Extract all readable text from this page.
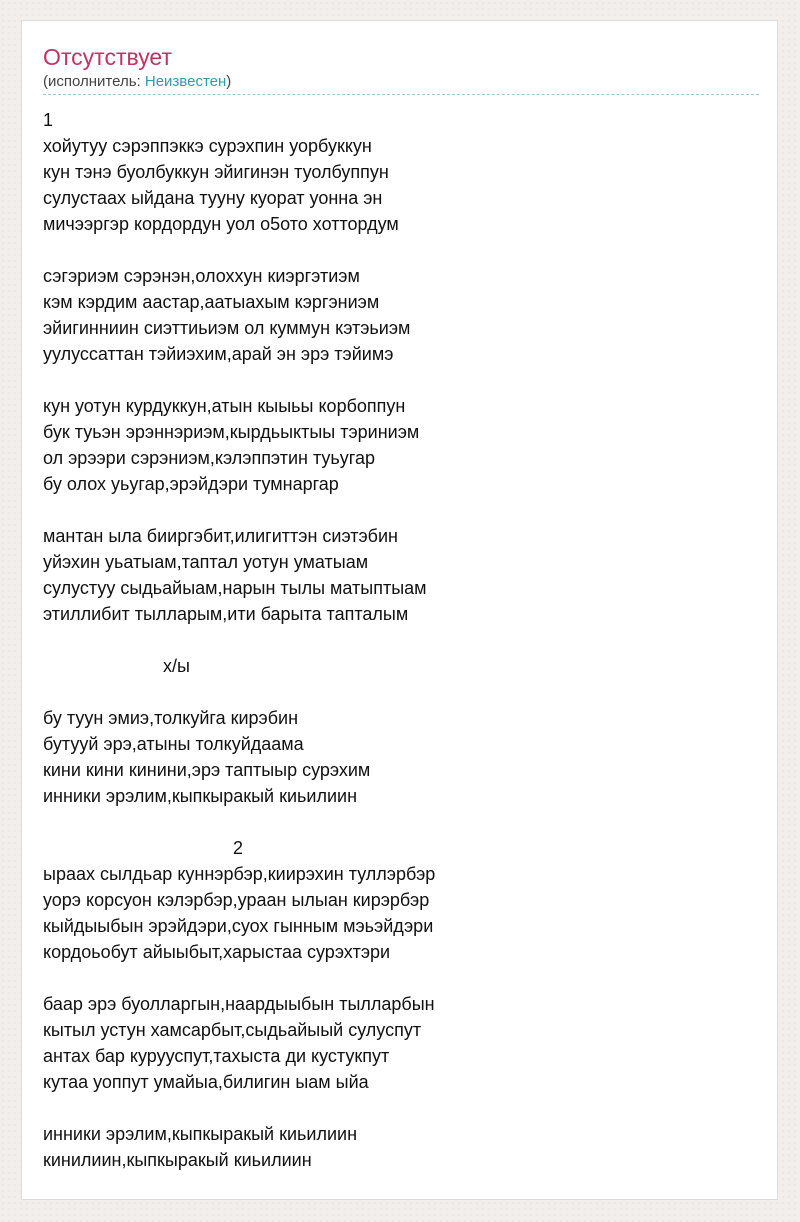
Отсутствует
(исполнитель: Неизвестен)
1
хойутуу сэрэппэккэ сурэхпин уорбуккун
кун тэнэ буолбуккун эйигинэн туолбуппун
сулустаах ыйдана тууну куорат уонна эн
мичээргэр кордордун уол о5ото хоттордум
сэгэриэм сэрэнэн,олоххун киэргэтиэм
кэм кэрдим аастар,аатыахым кэргэниэм
эйигинниин сиэттиьиэм ол куммун кэтэьиэм
уулуссаттан тэйиэхим,арай эн эрэ тэйимэ
кун уотун курдуккун,атын кыыьы корбоппун
бук туьэн эрэннэриэм,кырдьыктыы тэриниэм
ол эрээри сэрэниэм,кэлэппэтин туьугар
бу олох уьугар,эрэйдэри тумнаргар
мантан ыла бииргэбит,илигиттэн сиэтэбин
уйэхин уьатыам,таптал уотун уматыам
сулустуу сыдьайыам,нарын тылы матыптыам
этиллибит тылларым,ити барыта тапталым
х/ы
бу туун эмиэ,толкуйга кирэбин
бутууй эрэ,атыны толкуйдаама
кини кини кинини,эрэ таптыыр сурэхим
инники эрэлим,кыпкыракый киьилиин
2
ыраах сылдьар куннэрбэр,киирэхин туллэрбэр
уорэ корсуон кэлэрбэр,ураан ылыан кирэрбэр
кыйдыыбын эрэйдэри,суох гынным мэьэйдэри
кордоьобут айыыбыт,харыстаа сурэхтэри
баар эрэ буолларгын,наардыыбын тылларбын
кытыл устун хамсарбыт,сыдьайыый сулуспут
антах бар курууспут,тахыста ди кустукпут
кутаа уоппут умайыа,билигин ыам ыйа
инники эрэлим,кыпкыракый киьилиин
кинилиин,кыпкыракый киьилиин
